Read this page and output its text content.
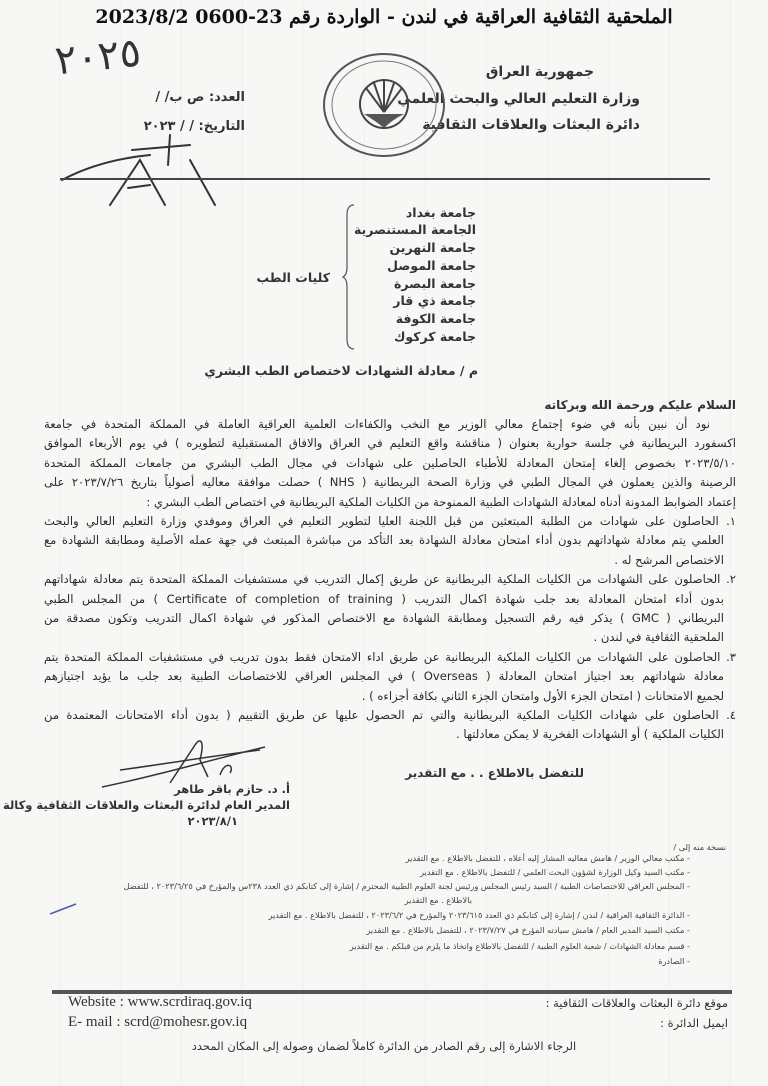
الملحقية الثقافية العراقية في لندن - الواردة رقم 23-0600 2023/8/2
٢٠٢٥	جمهورية العراق
وزارة التعليم العالي والبحث العلمي
دائرة البعثات والعلاقات الثقافية
العدد: ص ب/ /
التاريخ: / / ٢٠٢٣
جامعة بغداد
الجامعة المستنصرية
جامعة النهرين
جامعة الموصل
جامعة البصرة
جامعة ذي قار
جامعة الكوفة
جامعة كركوك
كليات الطب
م / معادلة الشهادات لاختصاص الطب البشري
السلام عليكم ورحمة الله وبركاته
نود أن نبين بأنه في ضوء إجتماع معالي الوزير مع النخب والكفاءات العلمية العراقية العاملة في المملكة المتحدة في جامعة
اكسفورد البريطانية في جلسة حوارية بعنوان ( مناقشة واقع التعليم في العراق والافاق المستقبلية لتطويره ) في يوم الأربعاء الموافق
٢٠٢٣/٥/١٠ بخصوص إلغاء إمتحان المعادلة للأطباء الحاصلين على شهادات في مجال الطب البشري من جامعات المملكة المتحدة
الرصينة والذين يعملون في المجال الطبي في وزارة الصحة البريطانية ( NHS ) حصلت موافقة معاليه أصولياً بتاريخ ٢٠٢٣/٧/٢٦ على
إعتماد الضوابط المدونة أدناه لمعادلة الشهادات الطبية الممنوحة من الكليات الملكية البريطانية في اختصاص الطب البشري :
١. الحاصلون على شهادات من الطلبة المبتعثين من قبل اللجنة العليا لتطوير التعليم في العراق وموفدي وزارة التعليم العالي والبحث
العلمي يتم معادلة شهاداتهم بدون أداء امتحان معادلة الشهادة بعد التأكد من مباشرة المبتعث في جهة عمله الأصلية ومطابقة الشهادة مع
الاختصاص المرشح له .
٢. الحاصلون على الشهادات من الكليات الملكية البريطانية عن طريق إكمال التدريب في مستشفيات المملكة المتحدة يتم معادلة شهاداتهم
بدون أداء امتحان المعادلة بعد جلب شهادة اكمال التدريب ( Certificate of completion of training ) من المجلس الطبي
البريطاني ( GMC ) يذكر فيه رقم التسجيل ومطابقة الشهادة مع الاختصاص المذكور في شهادة اكمال التدريب وتكون مصدقة من
الملحقية الثقافية في لندن .
٣. الحاصلون على الشهادات من الكليات الملكية البريطانية عن طريق اداء الامتحان فقط بدون تدريب في مستشفيات المملكة المتحدة يتم
معادلة شهاداتهم بعد اجتياز امتحان المعادلة ( Overseas ) في المجلس العراقي للاختصاصات الطبية بعد جلب ما يؤيد اجتيازهم
لجميع الامتحانات ( امتحان الجزء الأول وامتحان الجزء الثاني بكافة أجزاءه ) .
٤. الحاصلون على شهادات الكليات الملكية البريطانية والتي تم الحصول عليها عن طريق التقييم ( بدون أداء الامتحانات المعتمدة من
الكليات الملكية ) أو الشهادات الفخرية لا يمكن معادلتها .
للتفضل بالاطلاع . . مع التقدير
أ. د. حازم باقر طاهر
المدير العام لدائرة البعثات والعلاقات الثقافية وكالة
٢٠٢٣/٨/١
نسخة منه إلى /
- مكتب معالي الوزير / هامش معاليه المشار إليه أعلاه ، للتفضل بالاطلاع . مع التقدير
- مكتب السيد وكيل الوزارة لشؤون البحث العلمي / للتفضل بالاطلاع . مع التقدير
- المجلس العراقي للاختصاصات الطبية / السيد رئيس المجلس ورئيس لجنة العلوم الطبية المحترم / إشارة إلى كتابكم ذي العدد ٢٣٨س والمؤرخ في ٢٠٢٣/٦/٢٥ ، للتفضل
بالاطلاع . مع التقدير
- الدائرة الثقافية العراقية / لندن / إشارة إلى كتابكم ذي العدد ٢٠٢٣/٦١٥ والمؤرخ في ٢٠٢٣/٦/٢ ، للتفضل بالاطلاع . مع التقدير
- مكتب السيد المدير العام / هامش سيادته المؤرخ في ٢٠٢٣/٧/٢٧ ، للتفضل بالاطلاع . مع التقدير
- قسم معادلة الشهادات / شعبة العلوم الطبية / للتفضل بالاطلاع واتخاذ ما يلزم من قبلكم . مع التقدير
- الصادرة
موقع دائرة البعثات والعلاقات الثقافية :
ايميل الدائرة :
Website : www.scrdiraq.gov.iq
E- mail : scrd@mohesr.gov.iq
الرجاء الاشارة إلى رقم الصادر من الدائرة كاملاً لضمان وصوله إلى المكان المحدد
